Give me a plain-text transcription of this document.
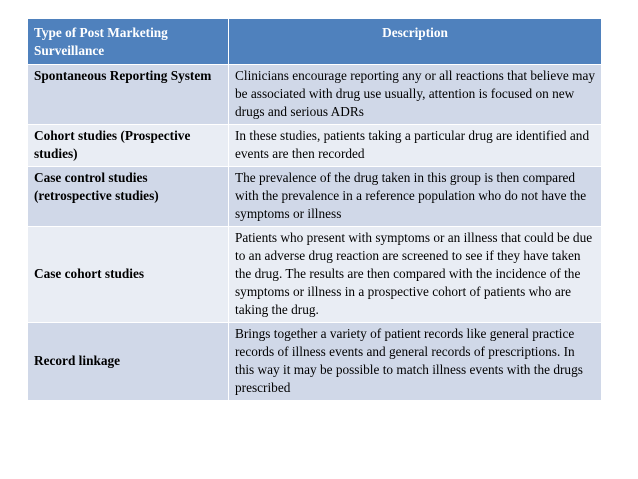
Type of Post Marketing Surveillance	Description
Spontaneous Reporting System	Clinicians encourage reporting any or all reactions that believe may be associated with drug use usually, attention is focused on new drugs and serious ADRs
Cohort studies (Prospective studies)	In these studies, patients taking a particular drug are identified and events are then recorded
Case control studies (retrospective studies)	The prevalence of the drug taken in this group is then compared with the prevalence in a reference population who do not have the symptoms or illness
Case cohort studies	Patients who present with symptoms or an illness that could be due to an adverse drug reaction are screened to see if they have taken the drug. The results are then compared with the incidence of the symptoms or illness in a prospective cohort of patients who are taking the drug.
Record linkage	Brings together a variety of patient records like general practice records of illness events and general records of prescriptions. In this way it may be possible to match illness events with the drugs prescribed
